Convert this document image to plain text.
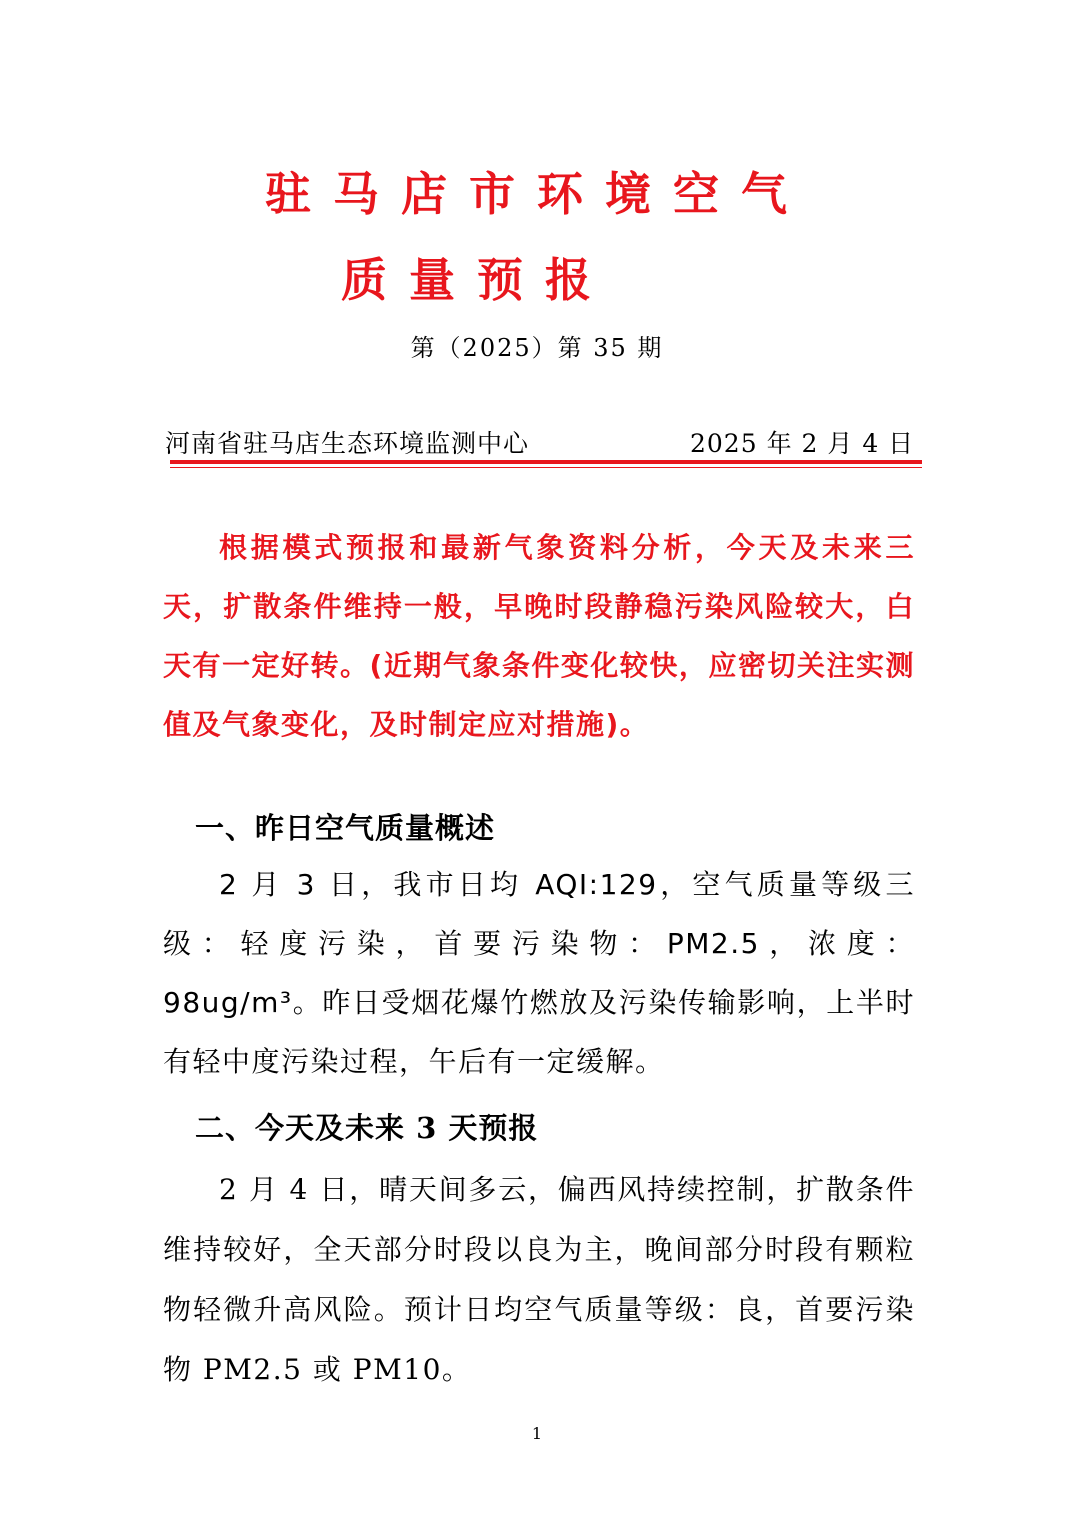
驻马店市环境空气
质量预报
第（2025）第 35 期
河南省驻马店生态环境监测中心	2025 年 2 月 4 日

根据模式预报和最新气象资料分析，今天及未来三天，扩散条件维持一般，早晚时段静稳污染风险较大，白天有一定好转。(近期气象条件变化较快，应密切关注实测值及气象变化，及时制定应对措施)。

一、昨日空气质量概述

2 月 3 日，我市日均 AQI:129，空气质量等级三级：轻度污染，首要污染物：PM2.5，浓度：98ug/m³。昨日受烟花爆竹燃放及污染传输影响，上半时有轻中度污染过程，午后有一定缓解。

二、今天及未来 3 天预报

2 月 4 日，晴天间多云，偏西风持续控制，扩散条件维持较好，全天部分时段以良为主，晚间部分时段有颗粒物轻微升高风险。预计日均空气质量等级：良，首要污染物 PM2.5 或 PM10。

1
